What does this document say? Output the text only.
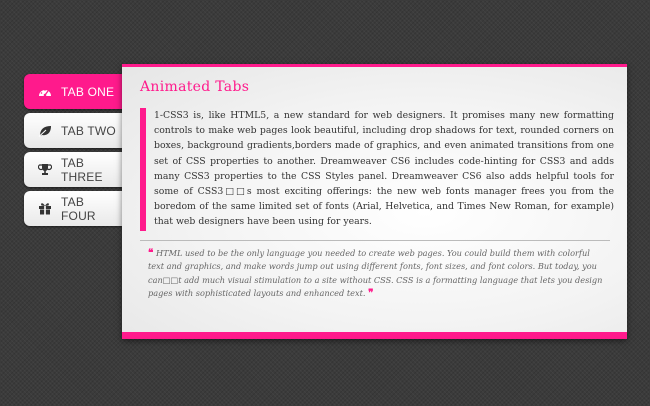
TAB ONE
TAB TWO
TAB THREE
TAB FOUR
Animated Tabs
1-CSS3 is, like HTML5, a new standard for web designers. It promises many new formatting controls to make web pages look beautiful, including drop shadows for text, rounded corners on boxes, background gradients,borders made of graphics, and even animated transitions from one set of CSS properties to another. Dreamweaver CS6 includes code-hinting for CSS3 and adds many CSS3 properties to the CSS Styles panel. Dreamweaver CS6 also adds helpful tools for some of CSS3□□s most exciting offerings: the new web fonts manager frees you from the boredom of the same limited set of fonts (Arial, Helvetica, and Times New Roman, for example) that web designers have been using for years.
❝ HTML used to be the only language you needed to create web pages. You could build them with colorful text and graphics, and make words jump out using different fonts, font sizes, and font colors. But today, you can□□t add much visual stimulation to a site without CSS. CSS is a formatting language that lets you design pages with sophisticated layouts and enhanced text. ❞
